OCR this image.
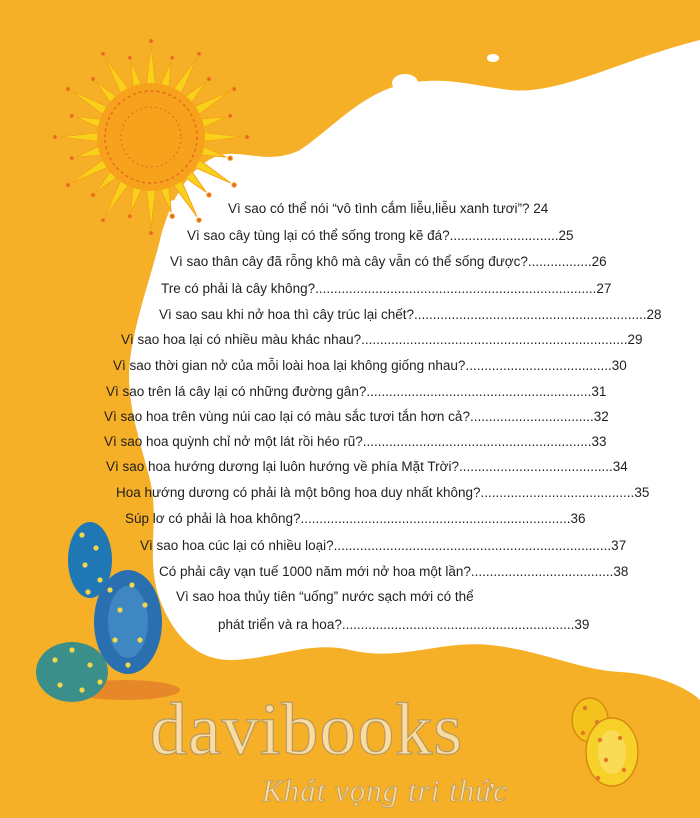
Vì sao có thể nói “vô tình cắm liễu,liễu xanh tươi”? 24
Vì sao cây tùng lại có thể sống trong kẽ đá?.............................25
Vì sao thân cây đã rỗng khô mà cây vẫn có thể sống được?.................26
Tre có phải là cây không?...........................................................................27
Vì sao sau khi nở hoa thì cây trúc lại chết?..............................................................28
Vì sao hoa lại có nhiều màu khác nhau?.......................................................................29
Vì sao thời gian nở của mỗi loài hoa lại không giống nhau?.......................................30
Vì sao trên lá cây lại có những đường gân?............................................................31
Vì sao hoa trên vùng núi cao lại có màu sắc tươi tắn hơn cả?.................................32
Vì sao hoa quỳnh chỉ nở một lát rồi héo rũ?.............................................................33
Vì sao hoa hướng dương lại luôn hướng về phía Mặt Trời?.........................................34
Hoa hướng dương có phải là một bông hoa duy nhất không?.........................................35
Súp lơ có phải là hoa không?........................................................................36
Vì sao hoa cúc lại có nhiều loại?..........................................................................37
Có phải cây vạn tuế 1000 năm mới nở hoa một lần?......................................38
Vì sao hoa thủy tiên “uống” nước sạch mới có thể
phát triển và ra hoa?..............................................................39
davibooks
Khát vọng tri thức
